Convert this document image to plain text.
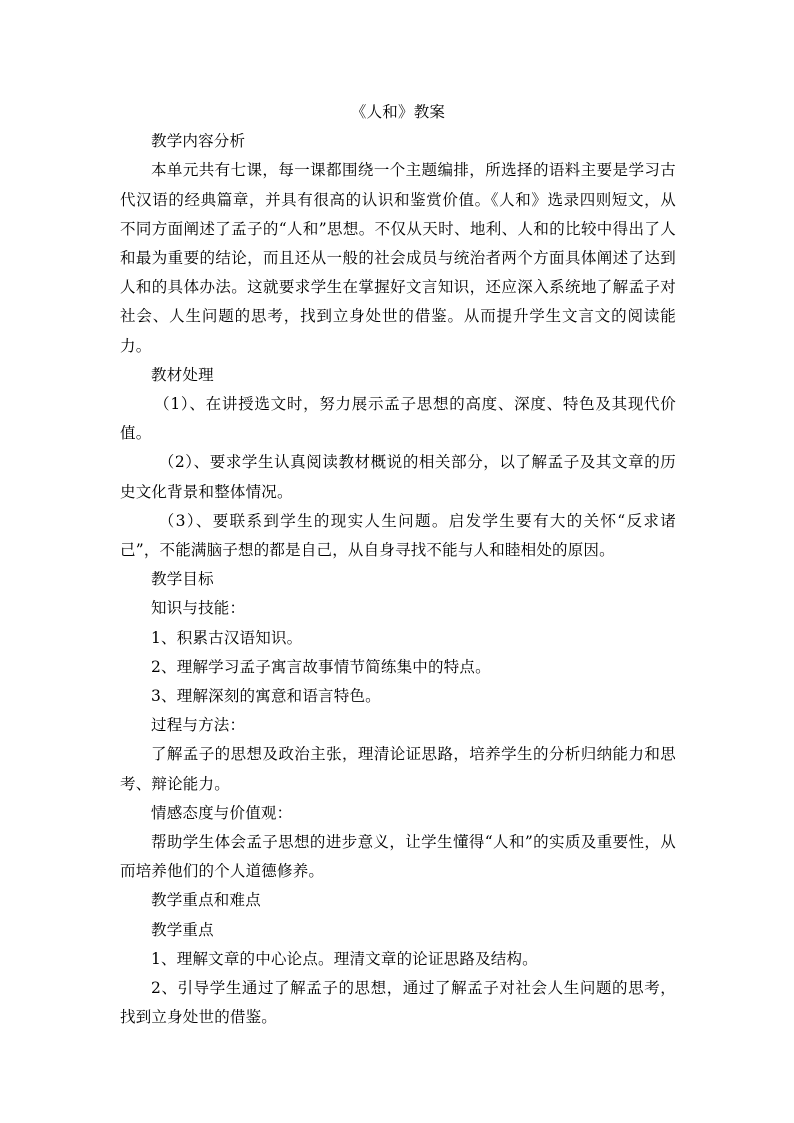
《人和》教案

教学内容分析

本单元共有七课，每一课都围绕一个主题编排，所选择的语料主要是学习古代汉语的经典篇章，并具有很高的认识和鉴赏价值。《人和》选录四则短文，从不同方面阐述了孟子的“人和”思想。不仅从天时、地利、人和的比较中得出了人和最为重要的结论，而且还从一般的社会成员与统治者两个方面具体阐述了达到人和的具体办法。这就要求学生在掌握好文言知识，还应深入系统地了解孟子对社会、人生问题的思考，找到立身处世的借鉴。从而提升学生文言文的阅读能力。

教材处理

（1）、在讲授选文时，努力展示孟子思想的高度、深度、特色及其现代价值。

（2）、要求学生认真阅读教材概说的相关部分，以了解孟子及其文章的历史文化背景和整体情况。

（3）、要联系到学生的现实人生问题。启发学生要有大的关怀“反求诸己”，不能满脑子想的都是自己，从自身寻找不能与人和睦相处的原因。

教学目标

知识与技能：

1、积累古汉语知识。

2、理解学习孟子寓言故事情节简练集中的特点。

3、理解深刻的寓意和语言特色。

过程与方法：

了解孟子的思想及政治主张，理清论证思路，培养学生的分析归纳能力和思考、辩论能力。

情感态度与价值观：

帮助学生体会孟子思想的进步意义，让学生懂得“人和”的实质及重要性，从而培养他们的个人道德修养。

教学重点和难点

教学重点

1、理解文章的中心论点。理清文章的论证思路及结构。

2、引导学生通过了解孟子的思想，通过了解孟子对社会人生问题的思考，找到立身处世的借鉴。
